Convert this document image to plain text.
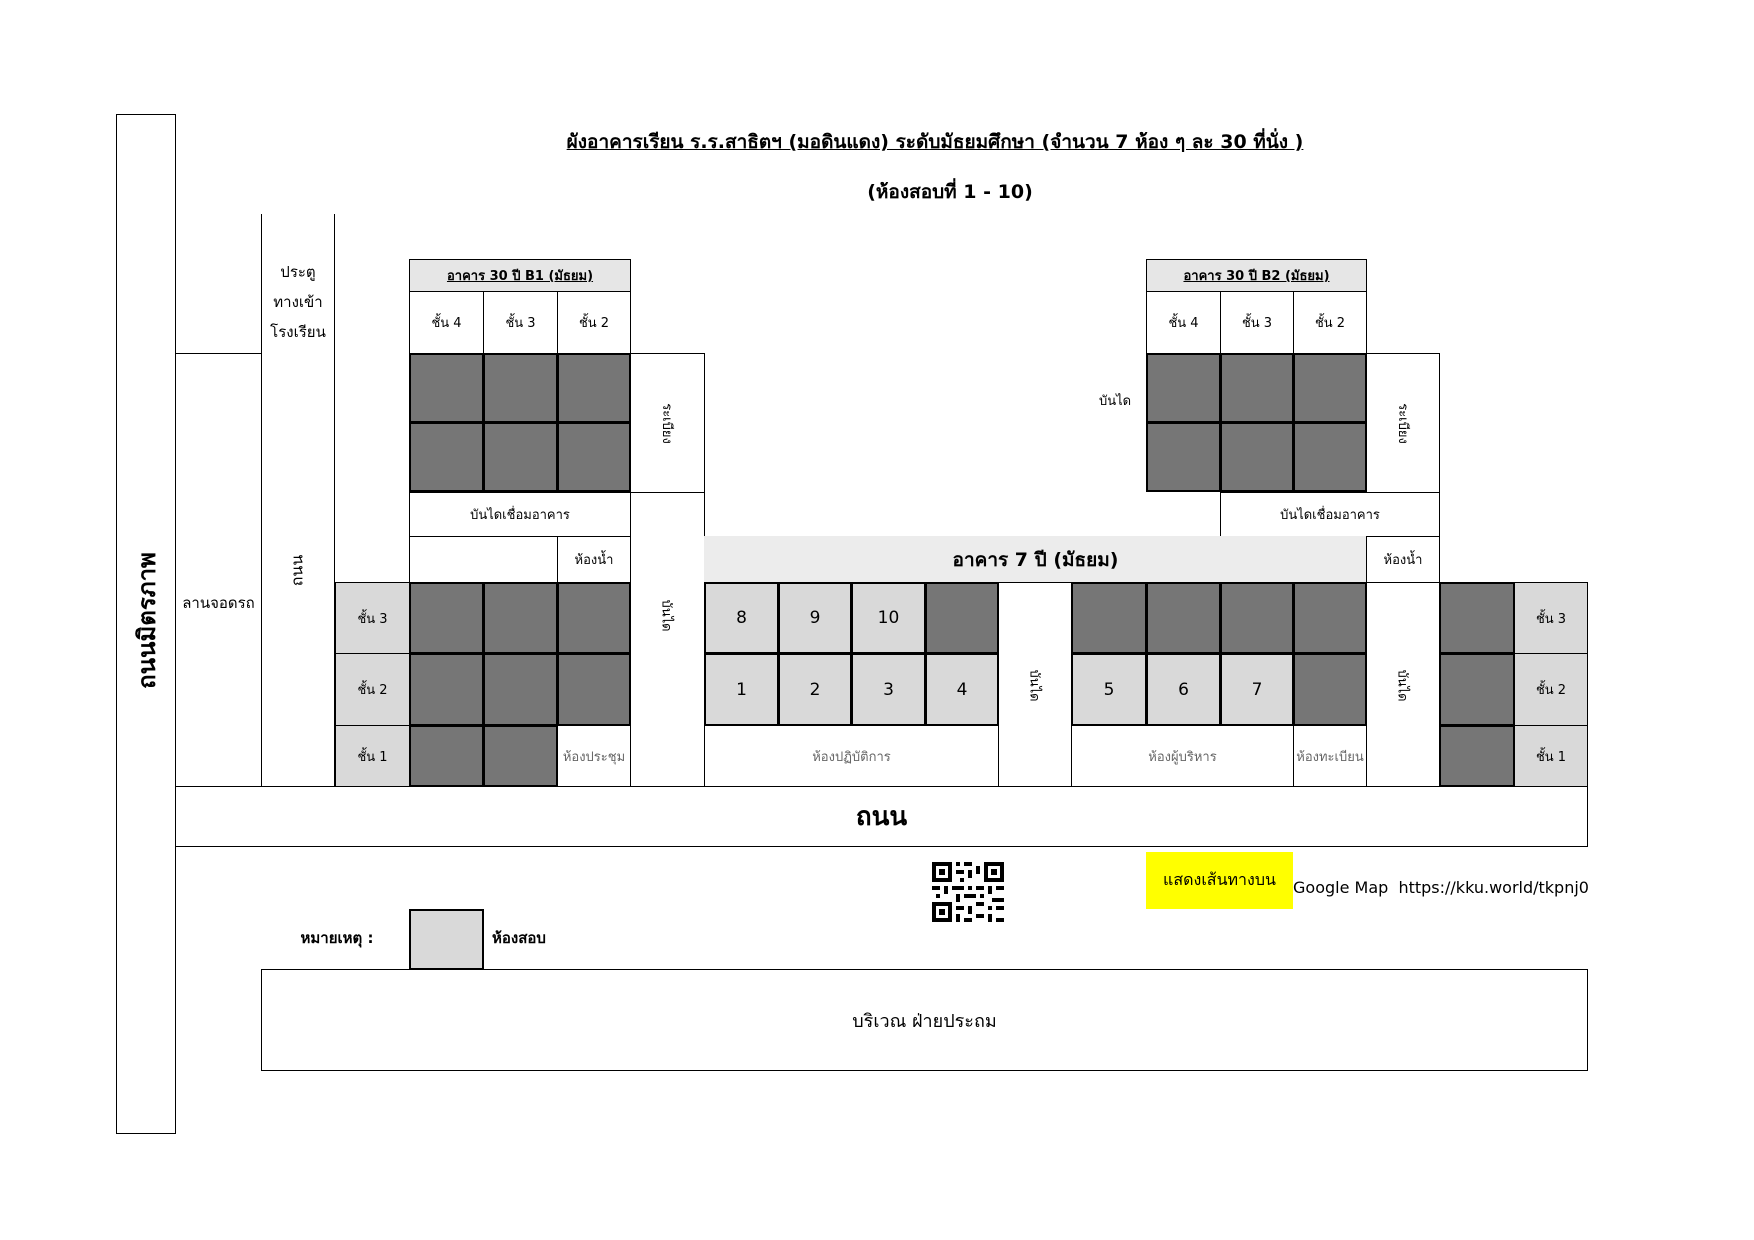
ผังอาคารเรียน ร.ร.สาธิตฯ (มอดินแดง) ระดับมัธยมศึกษา (จำนวน 7 ห้อง ๆ ละ 30 ที่นั่ง )
(ห้องสอบที่ 1 - 10)
ถนนมิตรภาพ	ลานจอดรถ
ประตู
ทางเข้า
โรงเรียน
ถนน
อาคาร 30 ปี B1 (มัธยม)
ชั้น 4	ชั้น 3	ชั้น 2
ระเบียง
บันไดเชื่อมอาคาร
อาคาร 30 ปี B2 (มัธยม)
ชั้น 4	ชั้น 3	ชั้น 2
บันได
ระเบียง
บันไดเชื่อมอาคาร
ห้องน้ำ
บันได
อาคาร 7 ปี (มัธยม)	ห้องน้ำ
ชั้น 3
ชั้น 2
ชั้น 1	ห้องประชุม
8	9	10
1	2	3	4
ห้องปฏิบัติการ
บันได	5	6	7
ห้องผู้บริหาร	ห้องทะเบียน
บันได
ชั้น 3
ชั้น 2
ชั้น 1
ถนน
แสดงเส้นทางบน	Google Map  https://kku.world/tkpnj0
หมายเหตุ :	ห้องสอบ
บริเวณ ฝ่ายประถม
